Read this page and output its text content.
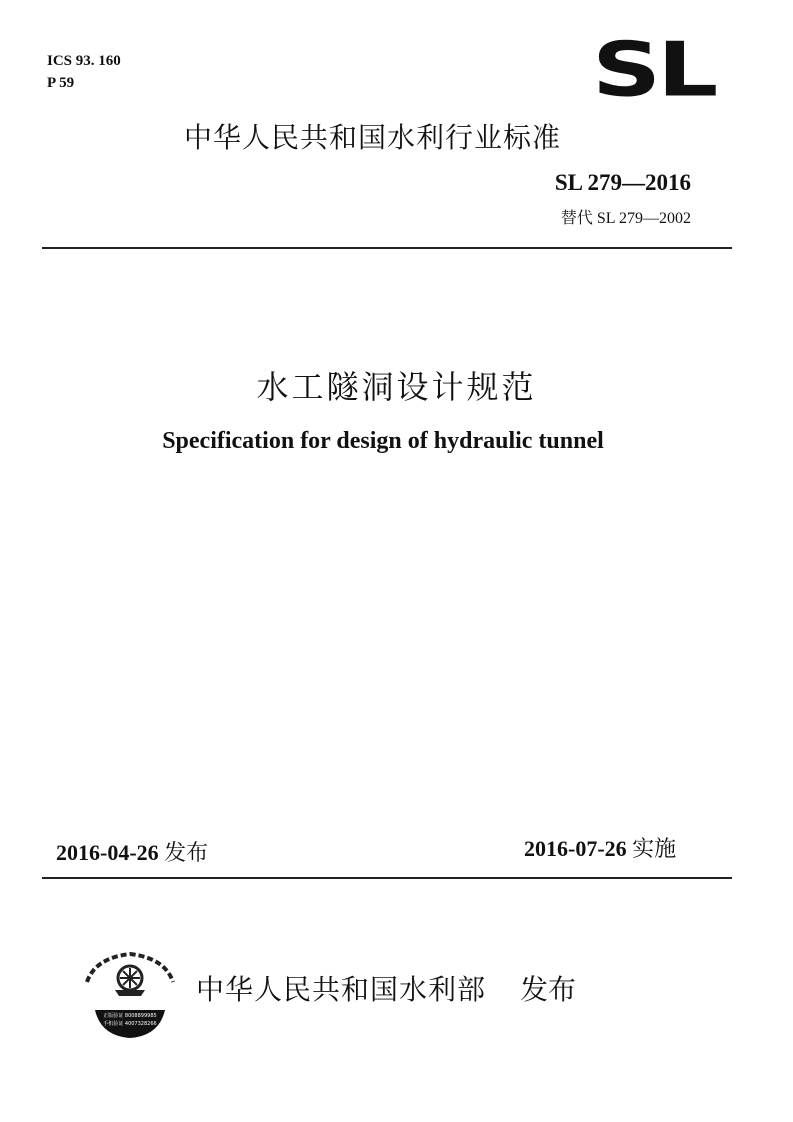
ICS 93. 160
P 59	SL
中华人民共和国水利行业标准
SL 279—2016
替代 SL 279—2002
水工隧洞设计规范
Specification for design of hydraulic tunnel
2016-04-26 发布	2016-07-26 实施
正版验证 8008899985
手机验证 4007328266
中华人民共和国水利部 发布
